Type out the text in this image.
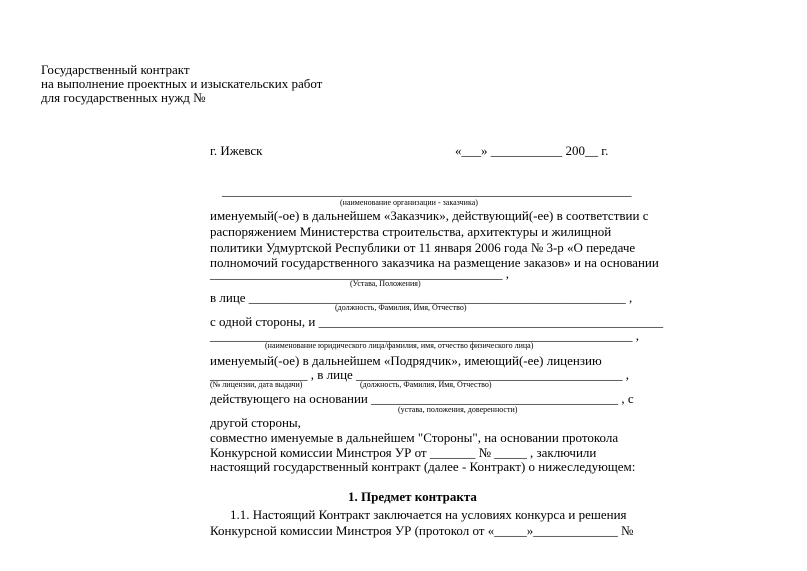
Государственный контракт
на выполнение проектных и изыскательских работ
для государственных нужд №
г. Ижевск	«___» ___________ 200__ г.
_______________________________________________________________
(наименование организации - заказчика)
именуемый(-ое) в дальнейшем «Заказчик», действующий(-ее) в соответствии с
распоряжением Министерства строительства, архитектуры и жилищной
политики Удмуртской Республики от 11 января 2006 года № 3-р «О передаче
полномочий государственного заказчика на размещение заказов» и на основании
_____________________________________________ ,
(Устава, Положения)
в лице __________________________________________________________ ,
(должность, Фамилия, Имя, Отчество)
с одной стороны, и _____________________________________________________
_________________________________________________________________ ,
(наименование юридического лица/фамилия, имя, отчество физического лица)
именуемый(-ое) в дальнейшем «Подрядчик», имеющий(-ее) лицензию
_______________ , в лице _________________________________________ ,
(№ лицензии, дата выдачи)	(должность, Фамилия, Имя, Отчество)
действующего на основании ______________________________________ , с
(устава, положения, доверенности)
другой стороны,
совместно именуемые в дальнейшем "Стороны", на основании протокола
Конкурсной комиссии Минстроя УР от _______ № _____ , заключили
настоящий государственный контракт (далее - Контракт) о нижеследующем:
1. Предмет контракта
1.1. Настоящий Контракт заключается на условиях конкурса и решения
Конкурсной комиссии Минстроя УР (протокол от «_____»_____________ №
